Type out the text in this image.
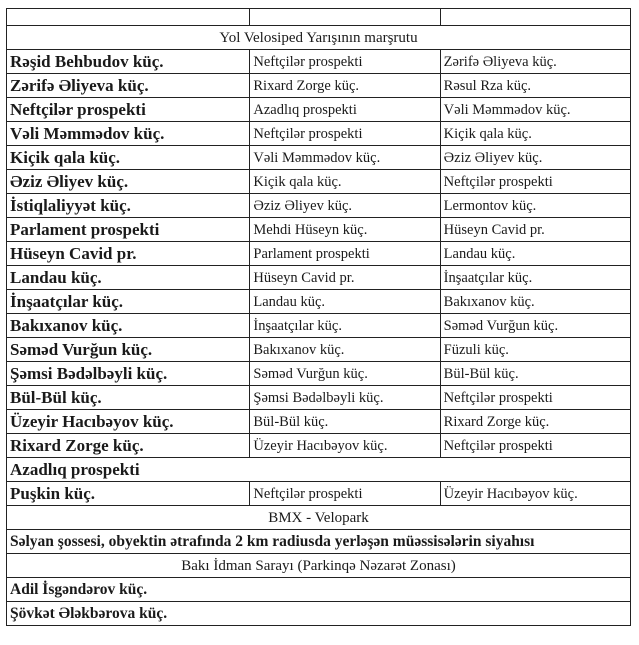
Yol Velosiped Yarışının marşrutu		
Rəşid Behbudov küç.	Neftçilər prospekti	Zərifə Əliyeva küç.
Zərifə Əliyeva küç.	Rixard Zorge küç.	Rəsul Rza küç.
Neftçilər prospekti	Azadlıq prospekti	Vəli Məmmədov küç.
Vəli Məmmədov küç.	Neftçilər prospekti	Kiçik qala küç.
Kiçik qala küç.	Vəli Məmmədov küç.	Əziz Əliyev küç.
Əziz Əliyev küç.	Kiçik qala küç.	Neftçilər prospekti
İstiqlaliyyət küç.	Əziz Əliyev küç.	Lermontov küç.
Parlament prospekti	Mehdi Hüseyn küç.	Hüseyn Cavid pr.
Hüseyn Cavid pr.	Parlament prospekti	Landau küç.
Landau küç.	Hüseyn Cavid pr.	İnşaatçılar küç.
İnşaatçılar küç.	Landau küç.	Bakıxanov küç.
Bakıxanov küç.	İnşaatçılar küç.	Səməd Vurğun küç.
Səməd Vurğun küç.	Bakıxanov küç.	Füzuli küç.
Şəmsi Bədəlbəyli küç.	Səməd Vurğun küç.	Bül-Bül küç.
Bül-Bül küç.	Şəmsi Bədəlbəyli küç.	Neftçilər prospekti
Üzeyir Hacıbəyov küç.	Bül-Bül küç.	Rixard Zorge küç.
Rixard Zorge küç.	Üzeyir Hacıbəyov küç.	Neftçilər prospekti
Azadlıq prospekti		
Puşkin küç.	Neftçilər prospekti	Üzeyir Hacıbəyov küç.
BMX - Velopark		
Səlyan şossesi, obyektin ətrafında 2 km radiusda yerləşən müəssisələrin siyahısı		
Bakı İdman Sarayı (Parkinqə Nəzarət Zonası)		
Adil İsgəndərov küç.		
Şövkət Ələkbərova küç.		
